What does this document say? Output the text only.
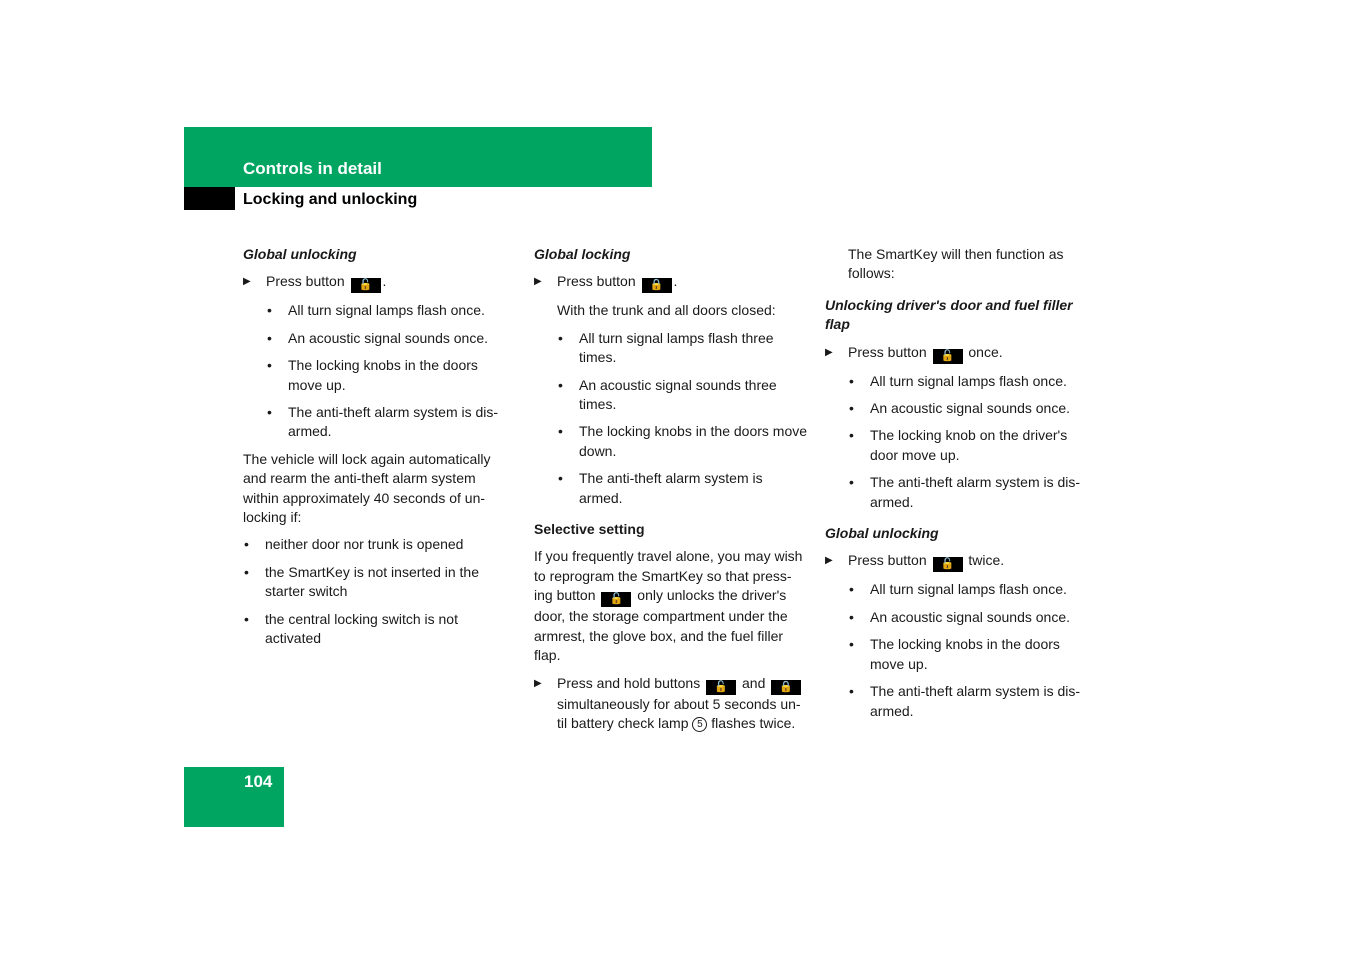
Controls in detail
Locking and unlocking
Global unlocking
▶ Press button 🔓 .
• All turn signal lamps flash once.
• An acoustic signal sounds once.
• The locking knobs in the doors move up.
• The anti-theft alarm system is dis-armed.

The vehicle will lock again automatically and rearm the anti-theft alarm system within approximately 40 seconds of un-locking if:

• neither door nor trunk is opened
• the SmartKey is not inserted in the starter switch
• the central locking switch is not activated
Global locking
▶ Press button 🔒 .
With the trunk and all doors closed:
• All turn signal lamps flash three times.
• An acoustic signal sounds three times.
• The locking knobs in the doors move down.
• The anti-theft alarm system is armed.
Selective setting

If you frequently travel alone, you may wish to reprogram the SmartKey so that press-ing button 🔓 only unlocks the driver's door, the storage compartment under the armrest, the glove box, and the fuel filler flap.

▶ Press and hold buttons 🔓 and 🔒 simultaneously for about 5 seconds un-til battery check lamp 5 flashes twice.

The SmartKey will then function as follows:

Unlocking driver's door and fuel filler flap
▶ Press button 🔓 once.
• All turn signal lamps flash once.
• An acoustic signal sounds once.
• The locking knob on the driver's door move up.
• The anti-theft alarm system is dis-armed.
Global unlocking
▶ Press button 🔓 twice.
• All turn signal lamps flash once.
• An acoustic signal sounds once.
• The locking knobs in the doors move up.
• The anti-theft alarm system is dis-armed.
104
